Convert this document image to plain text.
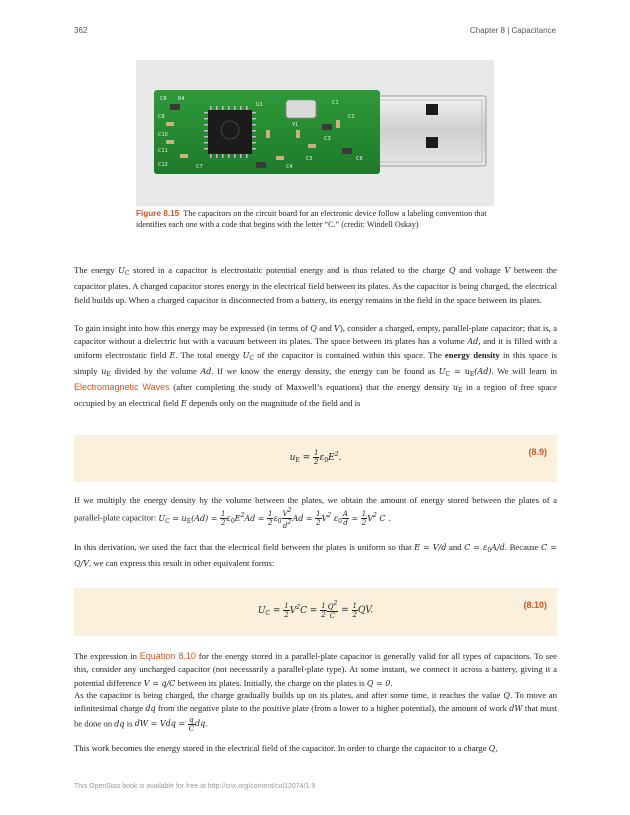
362	Chapter 8 | Capacitance
C8 R4
C9
C10
C11
C12
C1
C2
C3
C4
C5	C6
C7
U1
Y1
Figure 8.15 The capacitors on the circuit board for an electronic device follow a labeling convention that identifies each one with a code that begins with the letter “C.” (credit: Windell Oskay)

The energy $U_C$ stored in a capacitor is electrostatic potential energy and is thus related to the charge Q and voltage V between the capacitor plates. A charged capacitor stores energy in the electrical field between its plates. As the capacitor is being charged, the electrical field builds up. When a charged capacitor is disconnected from a battery, its energy remains in the field in the space between its plates.

To gain insight into how this energy may be expressed (in terms of Q and V), consider a charged, empty, parallel-plate capacitor; that is, a capacitor without a dielectric but with a vacuum between its plates. The space between its plates has a volume Ad, and it is filled with a uniform electrostatic field E. The total energy $U_C$ of the capacitor is contained within this space. The energy density in this space is simply $u_E$ divided by the volume Ad. If we know the energy density, the energy can be found as $U_C = u_E(Ad)$. We will learn in Electromagnetic Waves (after completing the study of Maxwell’s equations) that the energy density $u_E$ in a region of free space occupied by an electrical field E depends only on the magnitude of the field and is

$u_E = \frac{1}{2} \varepsilon_0E^2$.
(8.9)

If we multiply the energy density by the volume between the plates, we obtain the amount of energy stored between the plates of a parallel-plate capacitor: $U_C = u_E(Ad) = \frac{1}{2} \varepsilon_0E^2Ad = \frac{1}{2} \varepsilon_0 \frac{V2}{d2}$ $Ad = \frac{1}{2} V^2$ $\varepsilon_0 \frac{A}{d} = \frac{1}{2} V^2$ C .

In this derivation, we used the fact that the electrical field between the plates is uniform so that E = V/d and $C = \varepsilon_0A/d$. Because C = Q/V, we can express this result in other equivalent forms:

$U_C = \frac{1}{2} V^2C = \frac{1}{2} \frac{Q2}{C} = \frac{1}{2}$ QV.
(8.10)

The expression in Equation 8.10 for the energy stored in a parallel-plate capacitor is generally valid for all types of capacitors. To see this, consider any uncharged capacitor (not necessarily a parallel-plate type). At some instant, we connect it across a battery, giving it a potential difference V = q/C between its plates. Initially, the charge on the plates is Q = 0.

As the capacitor is being charged, the charge gradually builds up on its plates, and after some time, it reaches the value Q. To move an infinitesimal charge dq from the negative plate to the positive plate (from a lower to a higher potential), the amount of work dW that must be done on dq is dW = Vdq = $\frac{q}{C}$ dq.

This work becomes the energy stored in the electrical field of the capacitor. In order to charge the capacitor to a charge Q,

This OpenStax book is available for free at http://cnx.org/content/col12074/1.9
